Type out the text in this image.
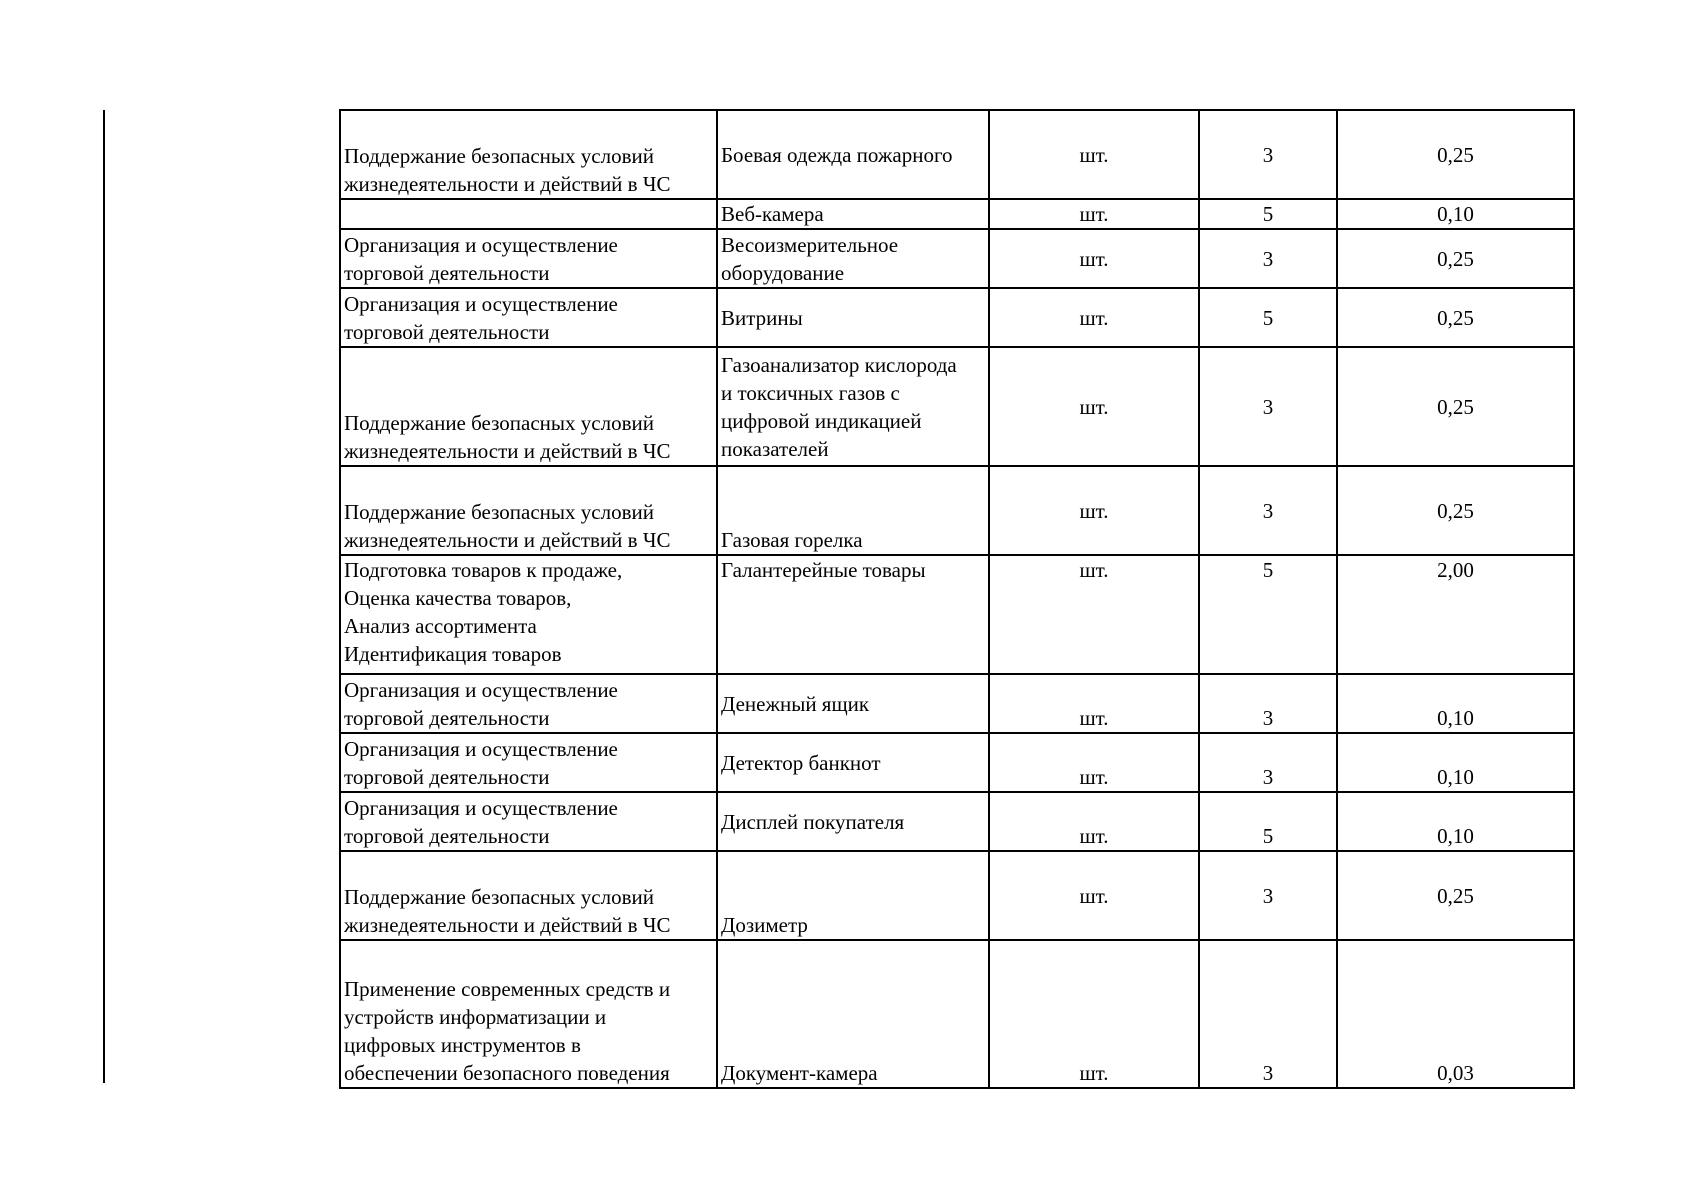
Поддержание безопасных условий
жизнедеятельности и действий в ЧС	Боевая одежда пожарного	шт.	3	0,25
	Веб-камера	шт.	5	0,10
Организация и осуществление
торговой деятельности	Весоизмерительное
оборудование	шт.	3	0,25
Организация и осуществление
торговой деятельности	Витрины	шт.	5	0,25
Поддержание безопасных условий
жизнедеятельности и действий в ЧС	Газоанализатор кислорода
и токсичных газов с
цифровой индикацией
показателей	шт.	3	0,25
Поддержание безопасных условий
жизнедеятельности и действий в ЧС	Газовая горелка	шт.	3	0,25
Подготовка товаров к продаже,
Оценка качества товаров,
Анализ ассортимента
Идентификация товаров	Галантерейные товары	шт.	5	2,00
Организация и осуществление
торговой деятельности	Денежный ящик	шт.	3	0,10
Организация и осуществление
торговой деятельности	Детектор банкнот	шт.	3	0,10
Организация и осуществление
торговой деятельности	Дисплей покупателя	шт.	5	0,10
Поддержание безопасных условий
жизнедеятельности и действий в ЧС	Дозиметр	шт.	3	0,25
Применение современных средств и
устройств информатизации и
цифровых инструментов в
обеспечении безопасного поведения	Документ-камера	шт.	3	0,03
